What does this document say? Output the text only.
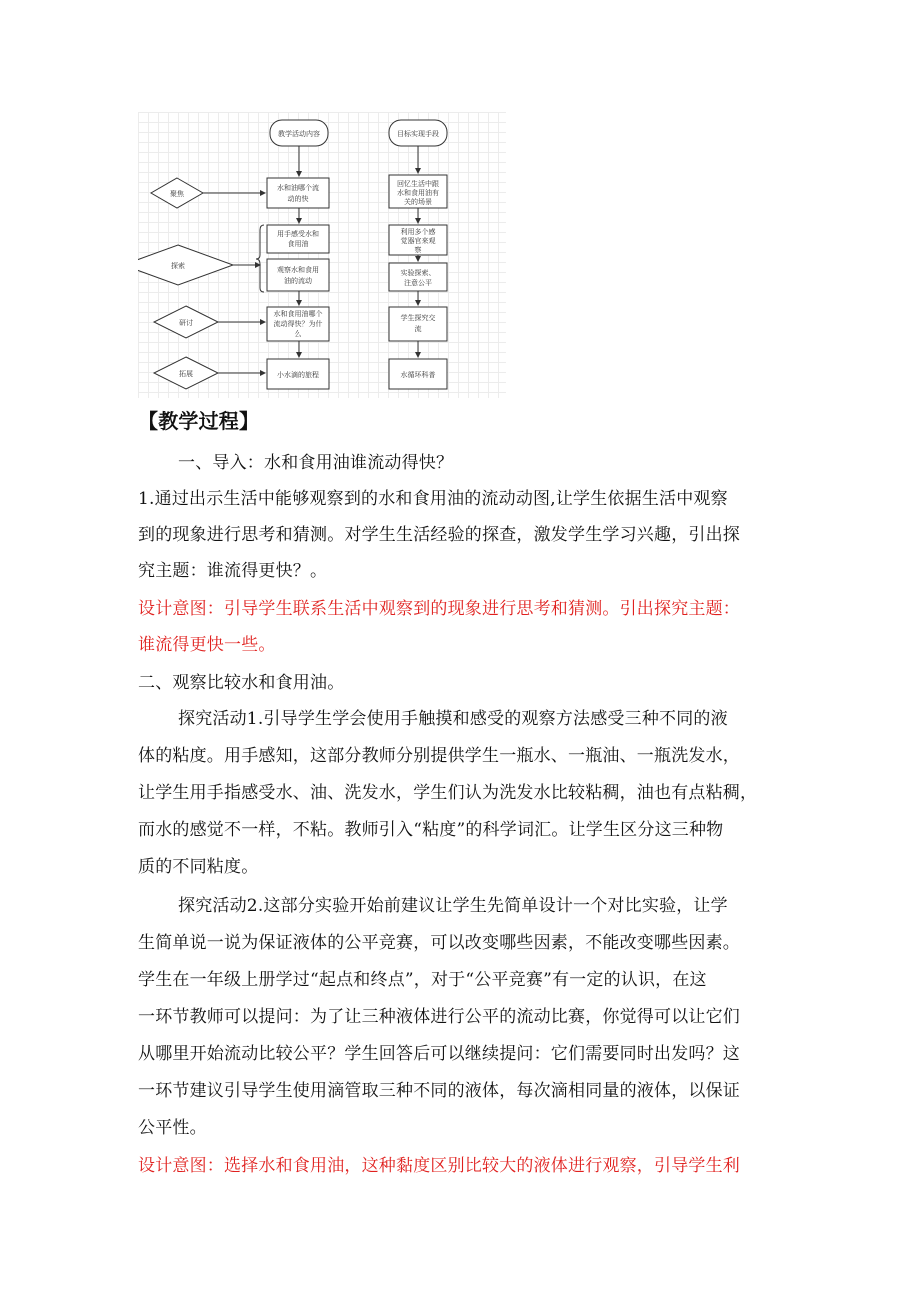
教学活动内容	目标实现手段
聚焦
探索
研讨
拓展
水和油哪个流
动的快
用手感受水和
食用油
观察水和食用
油的流动
水和食用油哪个
流动得快？为什
么
小水滴的旅程
回忆生活中跟
水和食用油有
关的场景
利用多个感
觉器官来观
察
实验探索、
注意公平
学生探究交
流
水循环科普
【教学过程】
一、导入：水和食用油谁流动得快？
1.通过出示生活中能够观察到的水和食用油的流动动图,让学生依据生活中观察
到的现象进行思考和猜测。对学生生活经验的探查，激发学生学习兴趣，引出探
究主题：谁流得更快？。
设计意图：引导学生联系生活中观察到的现象进行思考和猜测。引出探究主题：
谁流得更快一些。
二、观察比较水和食用油。
探究活动1.引导学生学会使用手触摸和感受的观察方法感受三种不同的液
体的粘度。用手感知，这部分教师分别提供学生一瓶水、一瓶油、一瓶洗发水，
让学生用手指感受水、油、洗发水，学生们认为洗发水比较粘稠，油也有点粘稠，
而水的感觉不一样，不粘。教师引入“粘度”的科学词汇。让学生区分这三种物
质的不同粘度。
探究活动2.这部分实验开始前建议让学生先简单设计一个对比实验，让学
生简单说一说为保证液体的公平竞赛，可以改变哪些因素，不能改变哪些因素。
学生在一年级上册学过“起点和终点”，对于“公平竞赛”有一定的认识，在这
一环节教师可以提问：为了让三种液体进行公平的流动比赛，你觉得可以让它们
从哪里开始流动比较公平？学生回答后可以继续提问：它们需要同时出发吗？这
一环节建议引导学生使用滴管取三种不同的液体，每次滴相同量的液体，以保证
公平性。
设计意图：选择水和食用油，这种黏度区别比较大的液体进行观察，引导学生利
